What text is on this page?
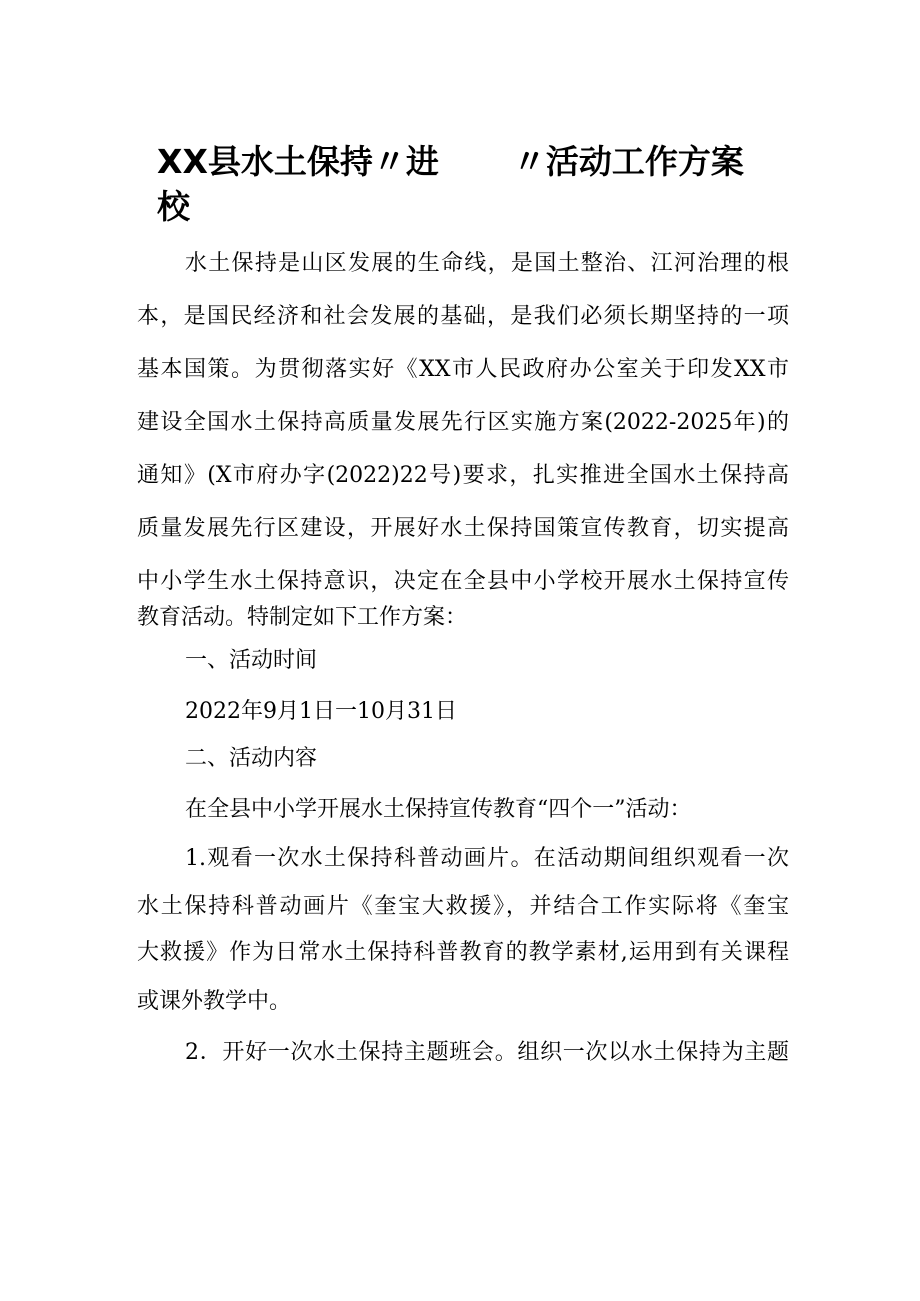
XX县水土保持〃进 〃活动工作方案
校
水土保持是山区发展的生命线，是国土整治、江河治理的根
本，是国民经济和社会发展的基础，是我们必须长期坚持的一项
基本国策。为贯彻落实好《XX市人民政府办公室关于印发XX市
建设全国水土保持高质量发展先行区实施方案(2022-2025年)的
通知》(X市府办字(2022)22号)要求，扎实推进全国水土保持高
质量发展先行区建设，开展好水土保持国策宣传教育，切实提高
中小学生水土保持意识，决定在全县中小学校开展水土保持宣传
教育活动。特制定如下工作方案：
一、活动时间
2022年9月1日一10月31日
二、活动内容
在全县中小学开展水土保持宣传教育“四个一”活动：
1.观看一次水土保持科普动画片。在活动期间组织观看一次
水土保持科普动画片《奎宝大救援》，并结合工作实际将《奎宝
大救援》作为日常水土保持科普教育的教学素材,运用到有关课程
或课外教学中。
2．开好一次水土保持主题班会。组织一次以水土保持为主题
